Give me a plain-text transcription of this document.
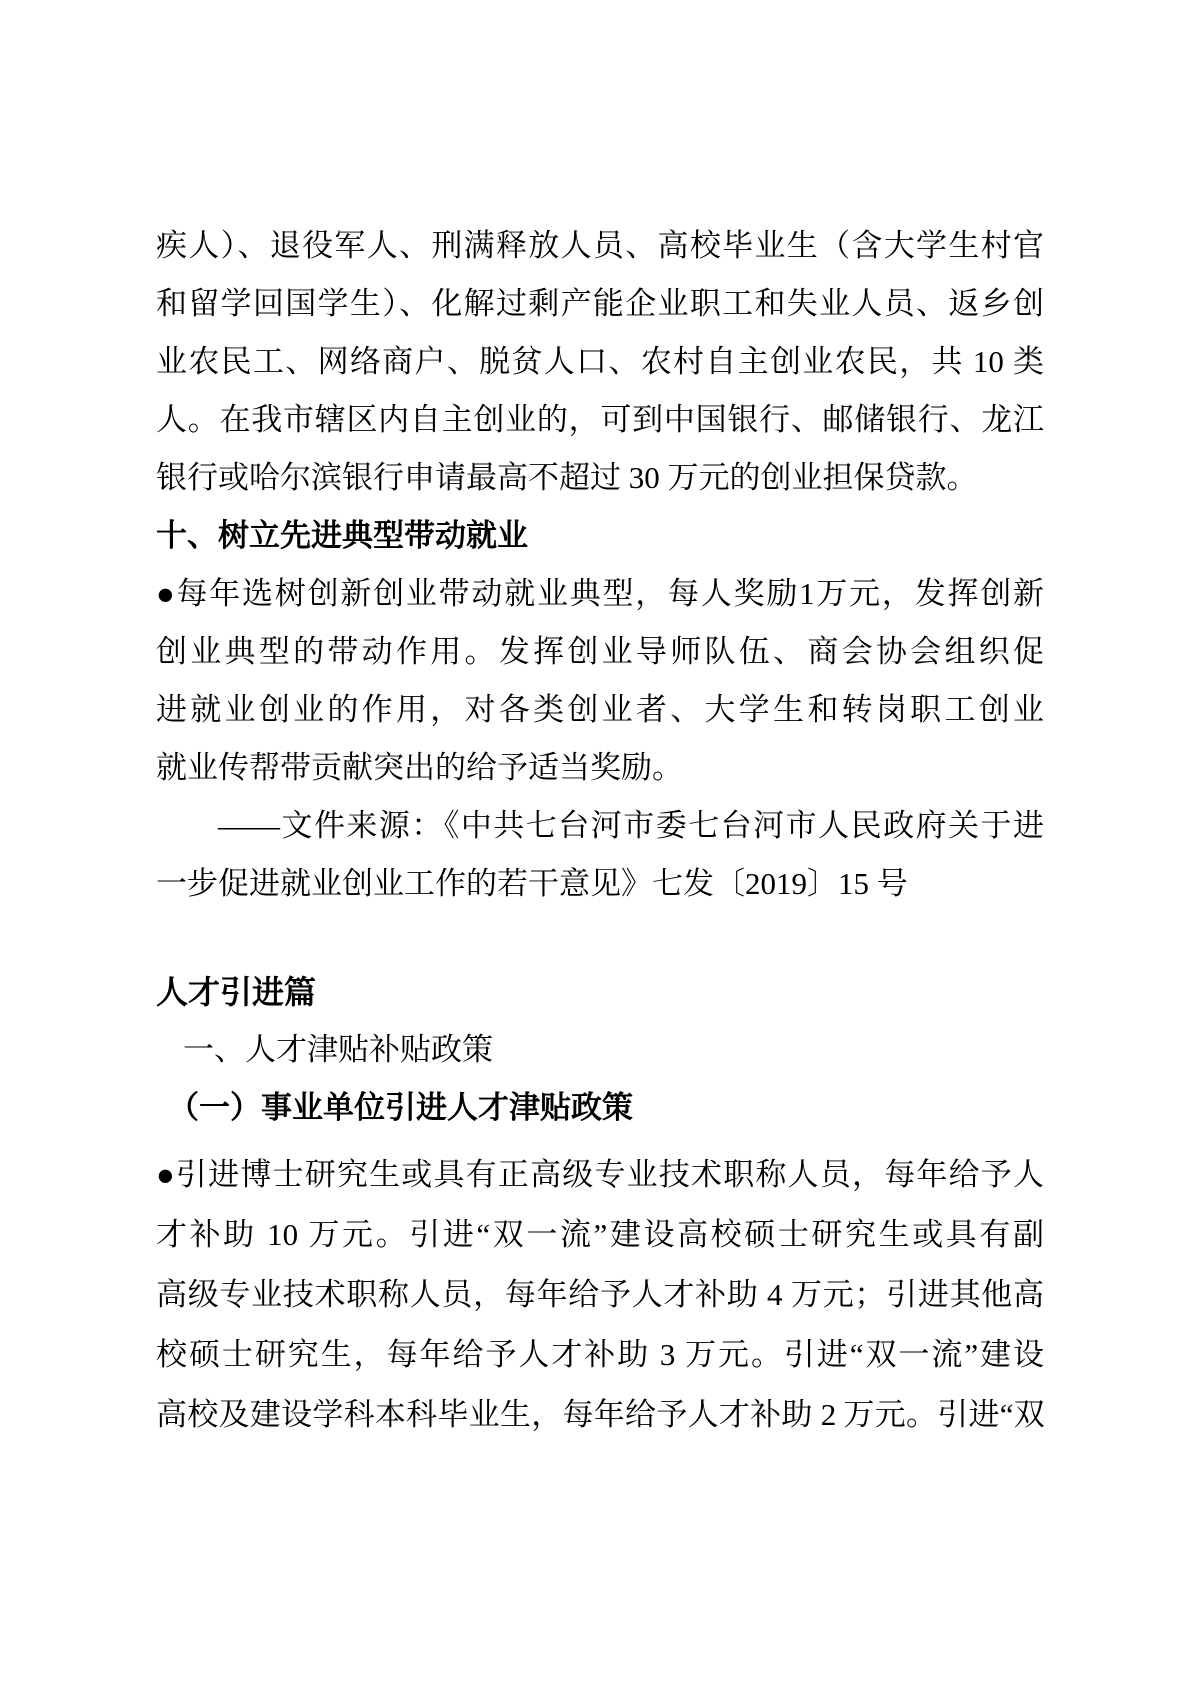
疾人）、退役军人、刑满释放人员、高校毕业生（含大学生村官
和留学回国学生）、化解过剩产能企业职工和失业人员、返乡创
业农民工、网络商户、脱贫人口、农村自主创业农民，共 10 类
人。在我市辖区内自主创业的，可到中国银行、邮储银行、龙江
银行或哈尔滨银行申请最高不超过 30 万元的创业担保贷款。
十、树立先进典型带动就业
●每年选树创新创业带动就业典型，每人奖励1万元，发挥创新
创业典型的带动作用。发挥创业导师队伍、商会协会组织促
进就业创业的作用，对各类创业者、大学生和转岗职工创业
就业传帮带贡献突出的给予适当奖励。
——文件来源：《中共七台河市委七台河市人民政府关于进
一步促进就业创业工作的若干意见》七发〔2019〕15 号
人才引进篇
一、人才津贴补贴政策
（一）事业单位引进人才津贴政策
●引进博士研究生或具有正高级专业技术职称人员，每年给予人
才补助 10 万元。引进“双一流”建设高校硕士研究生或具有副
高级专业技术职称人员，每年给予人才补助 4 万元；引进其他高
校硕士研究生，每年给予人才补助 3 万元。引进“双一流”建设
高校及建设学科本科毕业生，每年给予人才补助 2 万元。引进“双
